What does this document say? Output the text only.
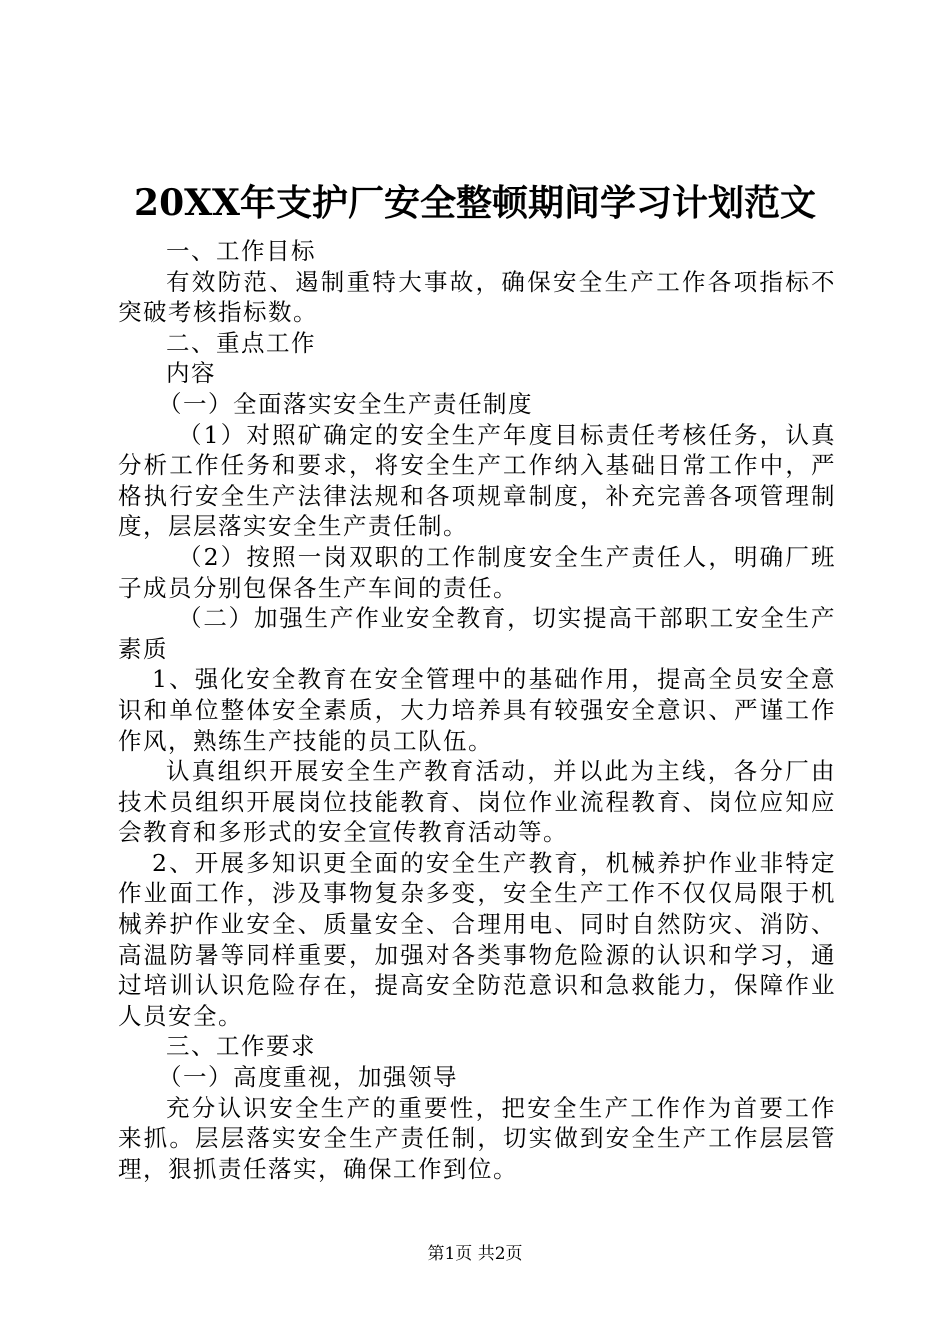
20XX年支护厂安全整顿期间学习计划范文

一、工作目标

有效防范、遏制重特大事故，确保安全生产工作各项指标不突破考核指标数。

二、重点工作

内容

（一）全面落实安全生产责任制度

（1）对照矿确定的安全生产年度目标责任考核任务，认真分析工作任务和要求，将安全生产工作纳入基础日常工作中，严格执行安全生产法律法规和各项规章制度，补充完善各项管理制度，层层落实安全生产责任制。

（2）按照一岗双职的工作制度安全生产责任人，明确厂班子成员分别包保各生产车间的责任。

（二）加强生产作业安全教育，切实提高干部职工安全生产素质

1、强化安全教育在安全管理中的基础作用，提高全员安全意识和单位整体安全素质，大力培养具有较强安全意识、严谨工作作风，熟练生产技能的员工队伍。

认真组织开展安全生产教育活动，并以此为主线，各分厂由技术员组织开展岗位技能教育、岗位作业流程教育、岗位应知应会教育和多形式的安全宣传教育活动等。

2、开展多知识更全面的安全生产教育，机械养护作业非特定作业面工作，涉及事物复杂多变，安全生产工作不仅仅局限于机械养护作业安全、质量安全、合理用电、同时自然防灾、消防、高温防暑等同样重要，加强对各类事物危险源的认识和学习，通过培训认识危险存在，提高安全防范意识和急救能力，保障作业人员安全。

三、工作要求

（一）高度重视，加强领导

充分认识安全生产的重要性，把安全生产工作作为首要工作来抓。层层落实安全生产责任制，切实做到安全生产工作层层管理，狠抓责任落实，确保工作到位。

第1页 共2页
